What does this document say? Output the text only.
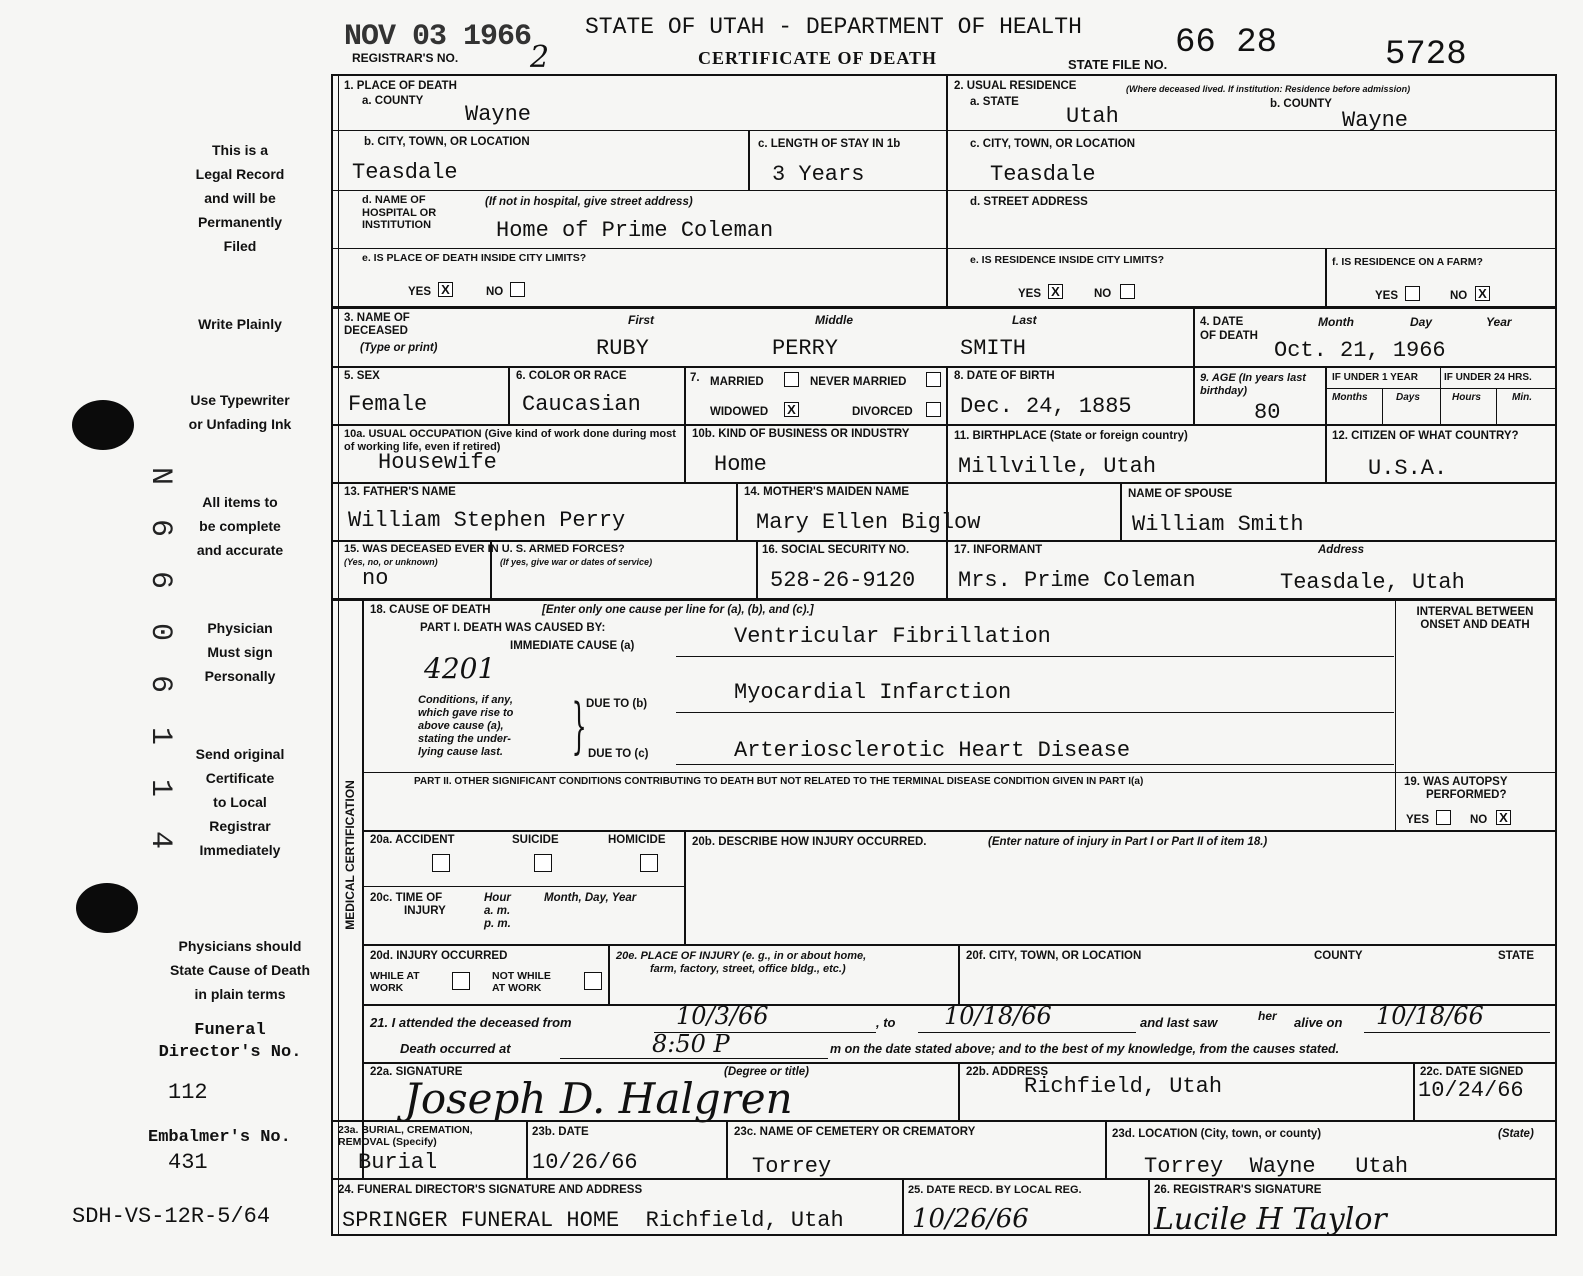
NOV 03 1966
REGISTRAR'S NO. 2
STATE OF UTAH - DEPARTMENT OF HEALTH
CERTIFICATE OF DEATH	STATE FILE NO.
66 28	5728
This is a
Legal Record
and will be
Permanently
Filed
Write Plainly
Use Typewriter
or Unfading Ink
All items to
be complete
and accurate
Physician
Must sign
Personally
Send original
Certificate
to Local
Registrar
Immediately
Physicians should
State Cause of Death
in plain terms
Funeral
Director's No.
112
Embalmer's No.
431
SDH-VS-12R-5/64
N 6 6 0 6 1 1 4	MEDICAL CERTIFICATION
1. PLACE OF DEATH
a. COUNTY
Wayne
2. USUAL RESIDENCE	(Where deceased lived. If institution: Residence before admission)
a. STATE
Utah	b. COUNTY
Wayne
b. CITY, TOWN, OR LOCATION
Teasdale
c. LENGTH OF STAY IN 1b
3 Years
c. CITY, TOWN, OR LOCATION
Teasdale
d. NAME OF HOSPITAL OR INSTITUTION
(If not in hospital, give street address)
Home of Prime Coleman
d. STREET ADDRESS
e. IS PLACE OF DEATH INSIDE CITY LIMITS?
YES X	NO
e. IS RESIDENCE INSIDE CITY LIMITS?
YES X	NO
f. IS RESIDENCE ON A FARM?
YES	NO X
3. NAME OF DECEASED
(Type or print)
First	Middle	Last
RUBY	PERRY	SMITH
4. DATE OF DEATH
Month	Day	Year
Oct. 21, 1966
5. SEX
Female
6. COLOR OR RACE
Caucasian
7. MARRIED	NEVER MARRIED
WIDOWED X	DIVORCED
8. DATE OF BIRTH
Dec. 24, 1885
9. AGE (In years last birthday)
80
IF UNDER 1 YEAR	IF UNDER 24 HRS.
Months	Days	Hours	Min.
10a. USUAL OCCUPATION (Give kind of work done during most of working life, even if retired)
Housewife
10b. KIND OF BUSINESS OR INDUSTRY
Home
11. BIRTHPLACE (State or foreign country)
Millville, Utah
12. CITIZEN OF WHAT COUNTRY?
U.S.A.
13. FATHER'S NAME
William Stephen Perry
14. MOTHER'S MAIDEN NAME
Mary Ellen Biglow
NAME OF SPOUSE
William Smith
15. WAS DECEASED EVER IN U. S. ARMED FORCES?
(Yes, no, or unknown)	(If yes, give war or dates of service)
no
16. SOCIAL SECURITY NO.
528-26-9120
17. INFORMANT
Mrs. Prime Coleman
Address
Teasdale, Utah
18. CAUSE OF DEATH	[Enter only one cause per line for (a), (b), and (c).]
PART I. DEATH WAS CAUSED BY:
IMMEDIATE CAUSE (a)	Ventricular Fibrillation
4201
Conditions, if any,
which gave rise to
above cause (a),
stating the under-
lying cause last. } DUE TO (b)	Myocardial Infarction
DUE TO (c)	Arteriosclerotic Heart Disease
PART II. OTHER SIGNIFICANT CONDITIONS CONTRIBUTING TO DEATH BUT NOT RELATED TO THE TERMINAL DISEASE CONDITION GIVEN IN PART I(a)
INTERVAL BETWEEN
ONSET AND DEATH
19. WAS AUTOPSY
PERFORMED?
YES	NO X
20a. ACCIDENT	SUICIDE	HOMICIDE 20b. DESCRIBE HOW INJURY OCCURRED.	(Enter nature of injury in Part I or Part II of item 18.)
20c. TIME OF
INJURY
Hour
a. m.
p. m.
Month, Day, Year
20d. INJURY OCCURRED
WHILE AT
WORK
NOT WHILE
AT WORK
20e. PLACE OF INJURY (e. g., in or about home,
farm, factory, street, office bldg., etc.)
20f. CITY, TOWN, OR LOCATION	COUNTY	STATE
21. I attended the deceased from	10/3/66	, to 10/18/66	and last saw	her alive on 10/18/66
Death occurred at	8:50 P	m on the date stated above; and to the best of my knowledge, from the causes stated.
22a. SIGNATURE	(Degree or title)
Joseph D. Halgren
22b. ADDRESS
Richfield, Utah
22c. DATE SIGNED
10/24/66
23a. BURIAL, CREMATION,
REMOVAL (Specify)
Burial
23b. DATE
10/26/66
23c. NAME OF CEMETERY OR CREMATORY
Torrey
23d. LOCATION (City, town, or county)	(State)
Torrey  Wayne   Utah
24. FUNERAL DIRECTOR'S SIGNATURE AND ADDRESS
SPRINGER FUNERAL HOME  Richfield, Utah
25. DATE RECD. BY LOCAL REG.
10/26/66
26. REGISTRAR'S SIGNATURE
Lucile H Taylor
